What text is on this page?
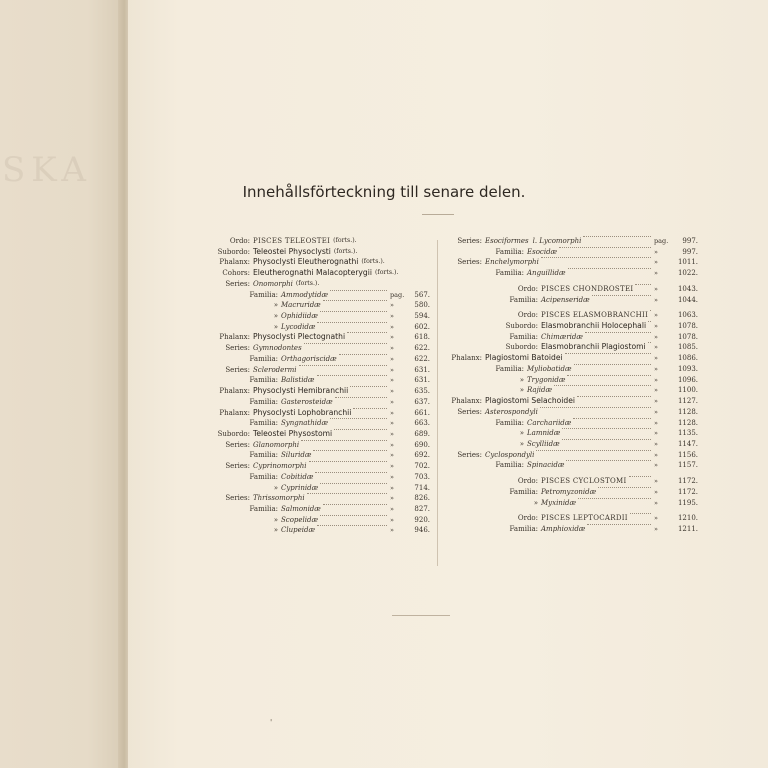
SKA
Innehållsförteckning till senare delen.
Ordo: PISCES TELEOSTEI (forts.).
Subordo: Teleostei Physoclysti (forts.).
Phalanx: Physoclysti Eleutherognathi (forts.).
Cohors: Eleutherognathi Malacopterygii (forts.).
Series: Onomorphi (forts.).
Familia: Ammodytidæ	pag.	567.
» Macruridæ	»	580.
» Ophidiidæ	»	594.
» Lycodidæ	»	602.
Phalanx: Physoclysti Plectognathi	»	618.
Series: Gymnodontes	»	622.
Familia: Orthagoriscidæ	»	622.
Series: Sclerodermi	»	631.
Familia: Balistidæ	»	631.
Phalanx: Physoclysti Hemibranchii	»	635.
Familia: Gasterosteidæ	»	637.
Phalanx: Physoclysti Lophobranchii	»	661.
Familia: Syngnathidæ	»	663.
Subordo: Teleostei Physostomi	»	689.
Series: Glanomorphi	»	690.
Familia: Siluridæ	»	692.
Series: Cyprinomorphi	»	702.
Familia: Cobitidæ	»	703.
» Cyprinidæ	»	714.
Series: Thrissomorphi	»	826.
Familia: Salmonidæ	»	827.
» Scopelidæ	»	920.
» Clupeidæ	»	946.
Series: Esociformes l. Lycomorphi	pag.	997.
Familia: Esocidæ	»	997.
Series: Enchelymorphi	»	1011.
Familia: Anguillidæ	»	1022.
Ordo: PISCES CHONDROSTEI	»	1043.
Familia: Acipenseridæ	»	1044.
Ordo: PISCES ELASMOBRANCHII »	1063.
Subordo: Elasmobranchii Holocephali »	1078.
Familia: Chimæridæ	»	1078.
Subordo: Elasmobranchii Plagiostomi »	1085.
Phalanx: Plagiostomi Batoidei	»	1086.
Familia: Myliobatidæ	»	1093.
» Trygonidæ	»	1096.
» Rajidæ	»	1100.
Phalanx: Plagiostomi Selachoidei	»	1127.
Series: Asterospondyli	»	1128.
Familia: Carchariidæ	»	1128.
» Lamnidæ	»	1135.
» Scylliidæ	»	1147.
Series: Cyclospondyli	»	1156.
Familia: Spinacidæ	»	1157.
Ordo: PISCES CYCLOSTOMI	»	1172.
Familia: Petromyzonidæ	»	1172.
» Myxinidæ	»	1195.
Ordo: PISCES LEPTOCARDII	»	1210.
Familia: Amphioxidæ	»	1211.
'
